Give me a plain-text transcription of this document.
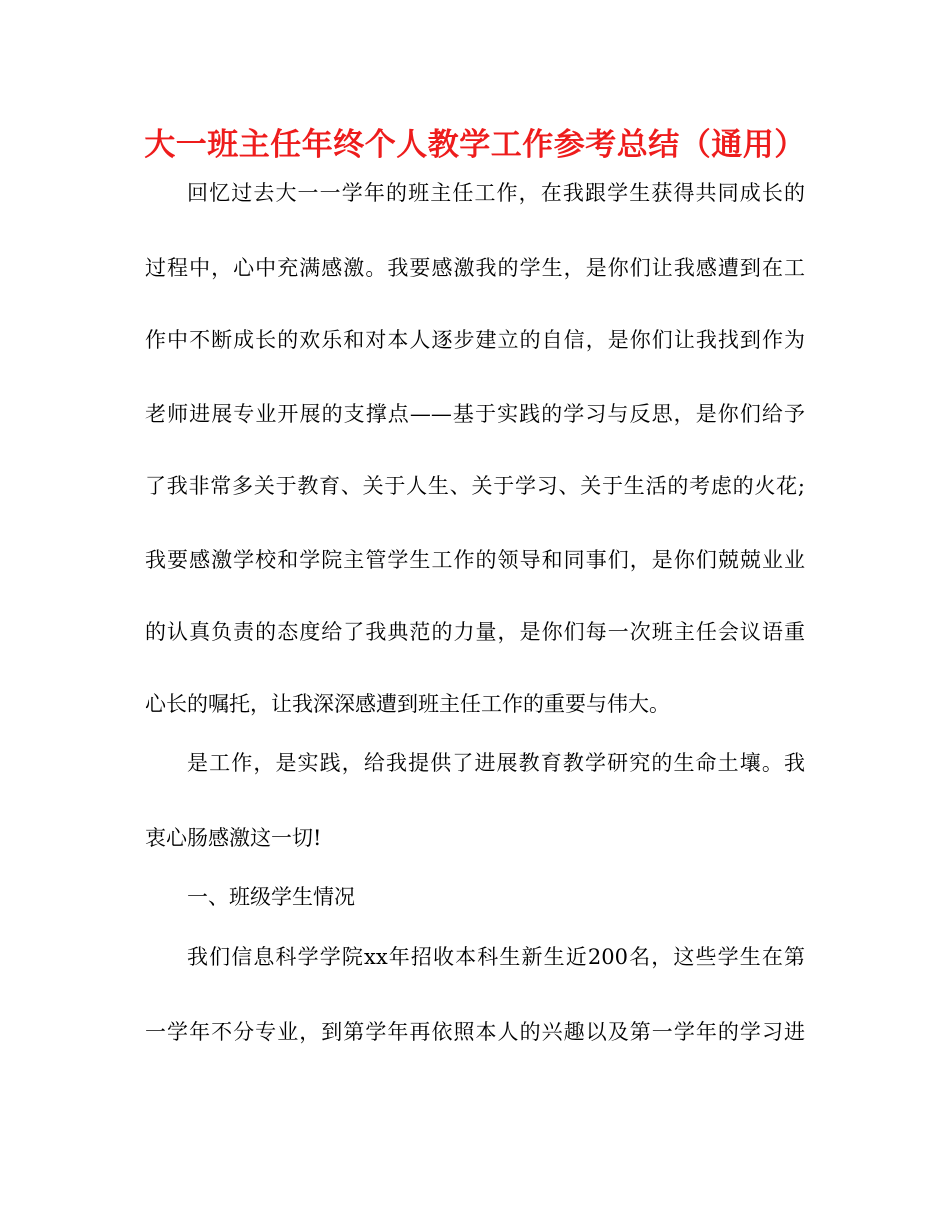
大一班主任年终个人教学工作参考总结（通用）
回忆过去大一一学年的班主任工作，在我跟学生获得共同成长的
过程中，心中充满感激。我要感激我的学生，是你们让我感遭到在工
作中不断成长的欢乐和对本人逐步建立的自信，是你们让我找到作为
老师进展专业开展的支撑点——基于实践的学习与反思，是你们给予
了我非常多关于教育、关于人生、关于学习、关于生活的考虑的火花;
我要感激学校和学院主管学生工作的领导和同事们，是你们兢兢业业
的认真负责的态度给了我典范的力量，是你们每一次班主任会议语重
心长的嘱托，让我深深感遭到班主任工作的重要与伟大。
是工作，是实践，给我提供了进展教育教学研究的生命土壤。我
衷心肠感激这一切!
一、班级学生情况
我们信息科学学院xx年招收本科生新生近200名，这些学生在第
一学年不分专业，到第学年再依照本人的兴趣以及第一学年的学习进
